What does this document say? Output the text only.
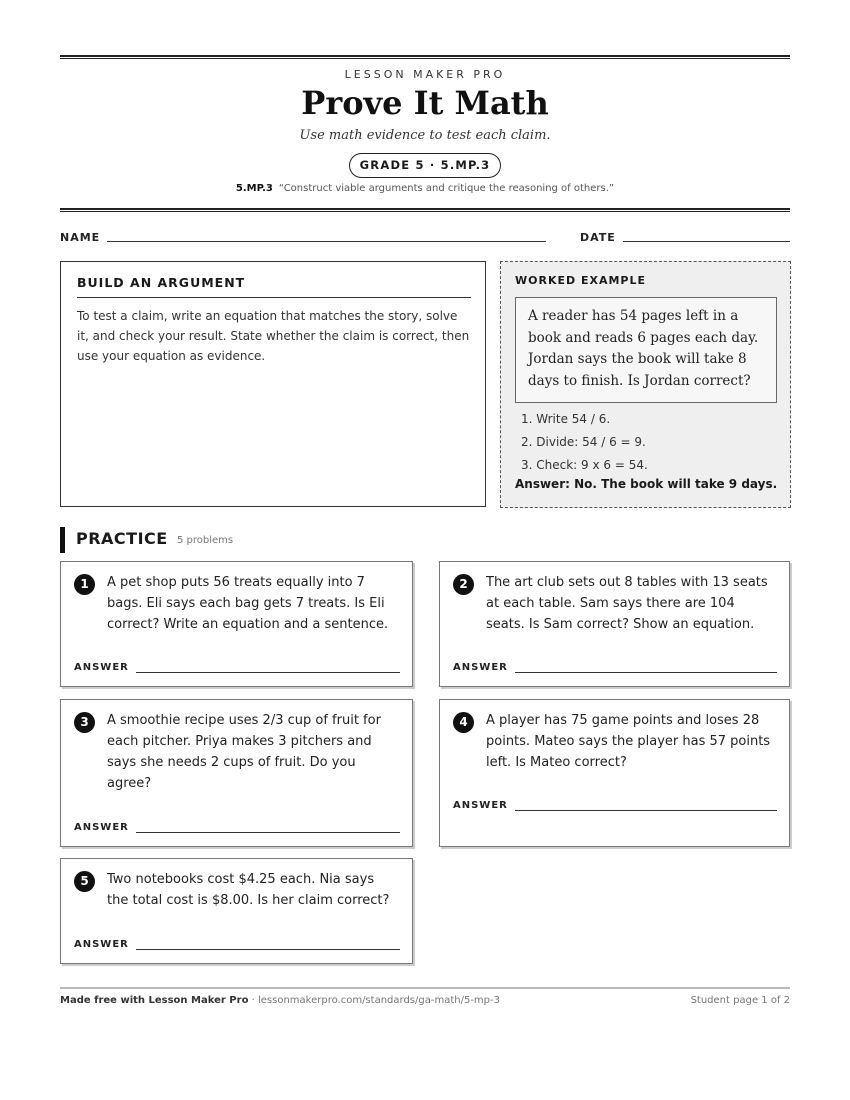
LESSON MAKER PRO
Prove It Math
Use math evidence to test each claim.
GRADE 5 · 5.MP.3
5.MP.3 “Construct viable arguments and critique the reasoning of others.”
NAME	DATE
BUILD AN ARGUMENT
To test a claim, write an equation that matches the story, solve it, and check your result. State whether the claim is correct, then use your equation as evidence.
WORKED EXAMPLE
A reader has 54 pages left in a book and reads 6 pages each day. Jordan says the book will take 8 days to finish. Is Jordan correct?
1. Write 54 / 6.
2. Divide: 54 / 6 = 9.
3. Check: 9 x 6 = 54.
Answer: No. The book will take 9 days.
PRACTICE 5 problems
1	A pet shop puts 56 treats equally into 7 bags. Eli says each bag gets 7 treats. Is Eli correct? Write an equation and a sentence.
ANSWER
2	The art club sets out 8 tables with 13 seats at each table. Sam says there are 104 seats. Is Sam correct? Show an equation.
ANSWER
3	A smoothie recipe uses 2/3 cup of fruit for each pitcher. Priya makes 3 pitchers and says she needs 2 cups of fruit. Do you agree?
ANSWER
4	A player has 75 game points and loses 28 points. Mateo says the player has 57 points left. Is Mateo correct?
ANSWER
5	Two notebooks cost $4.25 each. Nia says the total cost is $8.00. Is her claim correct?
ANSWER
Made free with Lesson Maker Pro · lessonmakerpro.com/standards/ga-math/5-mp-3	Student page 1 of 2
